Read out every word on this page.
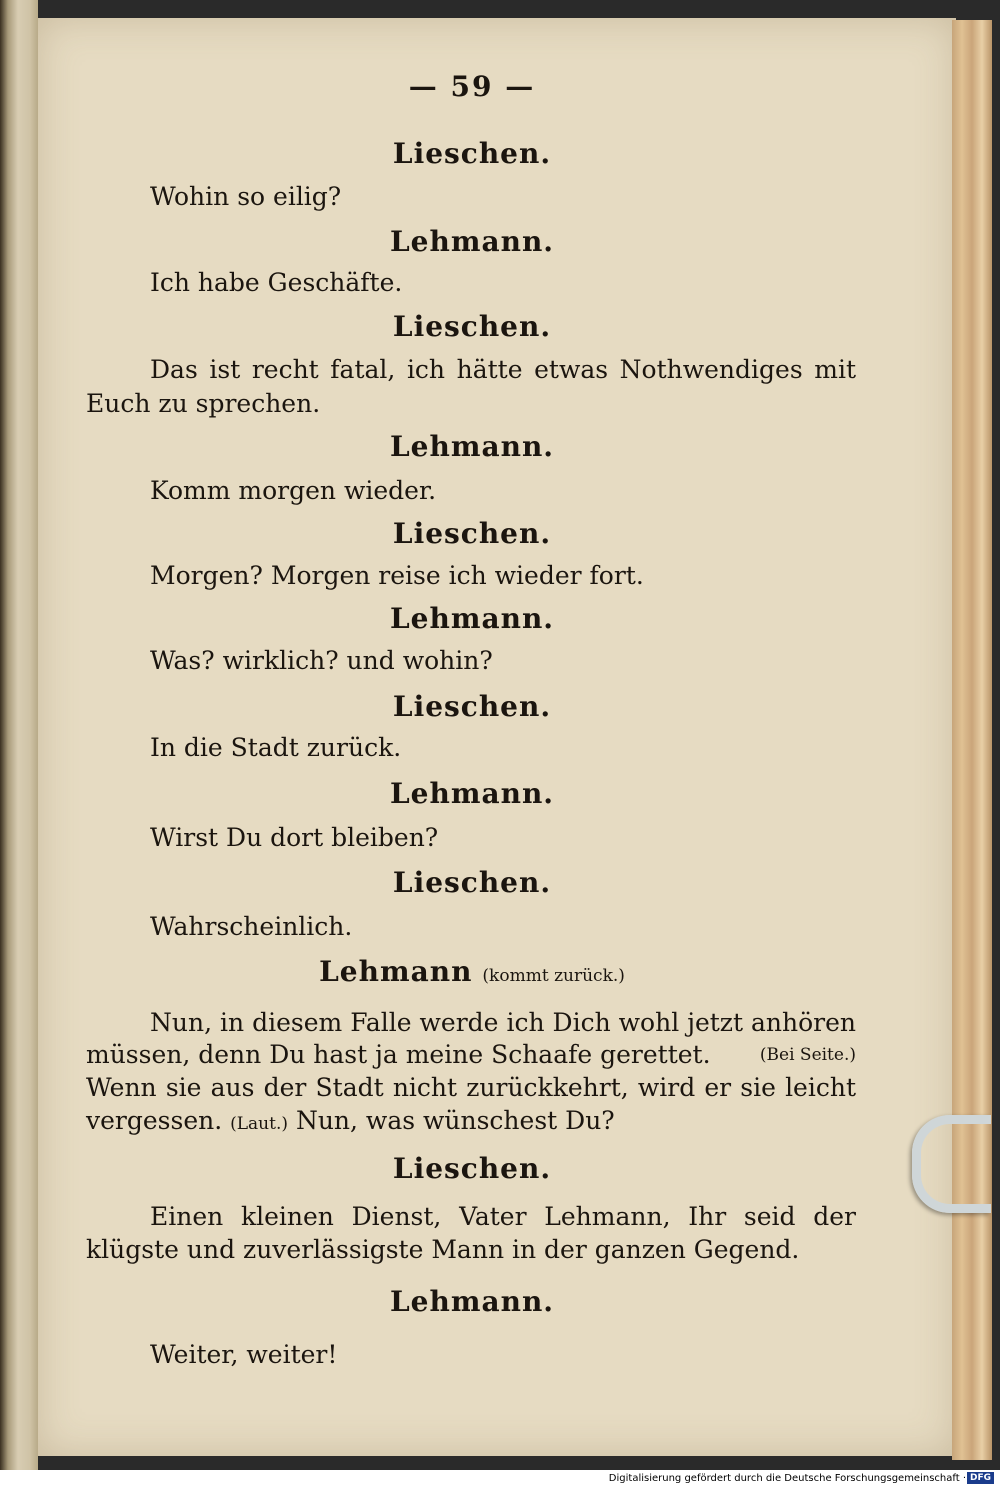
— 59 —
Lieschen.
Wohin so eilig?
Lehmann.
Ich habe Geschäfte.
Lieschen.
Das ist recht fatal, ich hätte etwas Nothwendiges mit
Euch zu sprechen.
Lehmann.
Komm morgen wieder.
Lieschen.
Morgen? Morgen reise ich wieder fort.
Lehmann.
Was? wirklich? und wohin?
Lieschen.
In die Stadt zurück.
Lehmann.
Wirst Du dort bleiben?
Lieschen.
Wahrscheinlich.
Lehmann (kommt zurück.)
Nun, in diesem Falle werde ich Dich wohl jetzt anhören
müssen, denn Du hast ja meine Schaafe gerettet.	(Bei Seite.)
Wenn sie aus der Stadt nicht zurückkehrt, wird er sie leicht
vergessen. (Laut.) Nun, was wünschest Du?
Lieschen.
Einen kleinen Dienst, Vater Lehmann, Ihr seid der
klügste und zuverlässigste Mann in der ganzen Gegend.
Lehmann.
Weiter, weiter!
Digitalisierung gefördert durch die Deutsche Forschungsgemeinschaft · DFG
